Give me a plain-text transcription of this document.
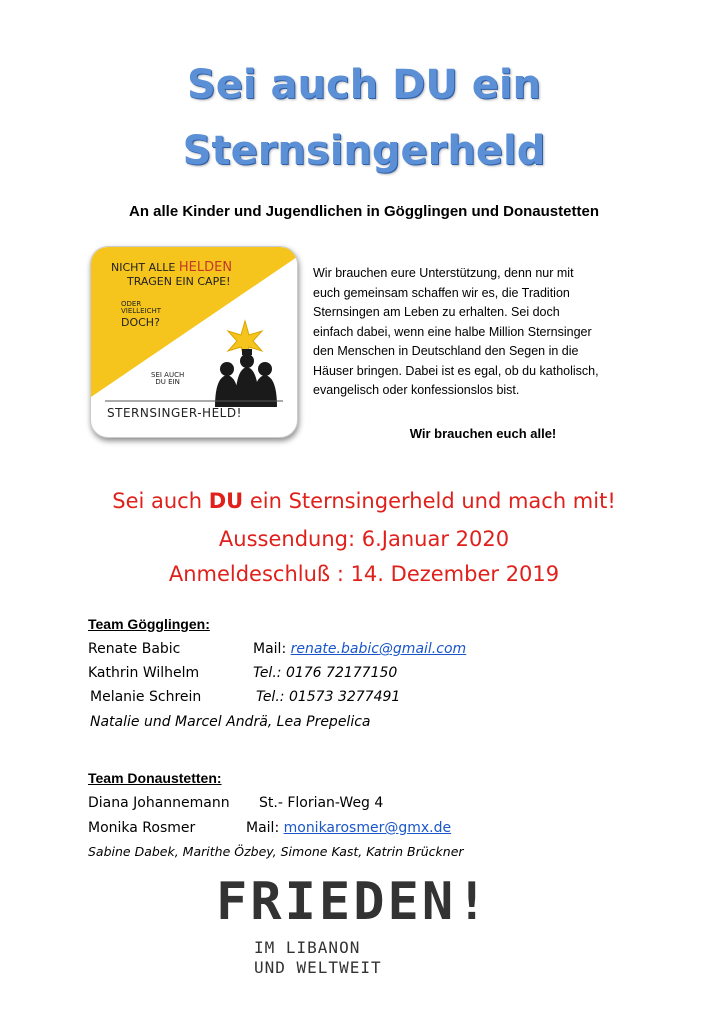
Sei auch DU ein
Sternsingerheld
An alle Kinder und Jugendlichen in Gögglingen und Donaustetten
NICHT ALLE HELDEN
TRAGEN EIN CAPE!
ODER
VIELLEICHT
DOCH?
SEI AUCH
DU EIN
STERNSINGER-HELD!
Wir brauchen eure Unterstützung, denn nur mit
euch gemeinsam schaffen wir es, die Tradition
Sternsingen am Leben zu erhalten. Sei doch
einfach dabei, wenn eine halbe Million Sternsinger
den Menschen in Deutschland den Segen in die
Häuser bringen. Dabei ist es egal, ob du katholisch,
evangelisch oder konfessionslos bist.
Wir brauchen euch alle!
Sei auch DU ein Sternsingerheld und mach mit!
Aussendung: 6.Januar 2020
Anmeldeschluß : 14. Dezember 2019
Team Gögglingen:
Renate Babic	Mail: renate.babic@gmail.com
Kathrin Wilhelm	Tel.: 0176 72177150
Melanie Schrein	Tel.: 01573 3277491
Natalie und Marcel Andrä, Lea Prepelica
Team Donaustetten:
Diana Johannemann St.- Florian-Weg 4
Monika Rosmer	Mail: monikarosmer@gmx.de
Sabine Dabek, Marithe Özbey, Simone Kast, Katrin Brückner
FRIEDEN!
IM LIBANON
UND WELTWEIT
